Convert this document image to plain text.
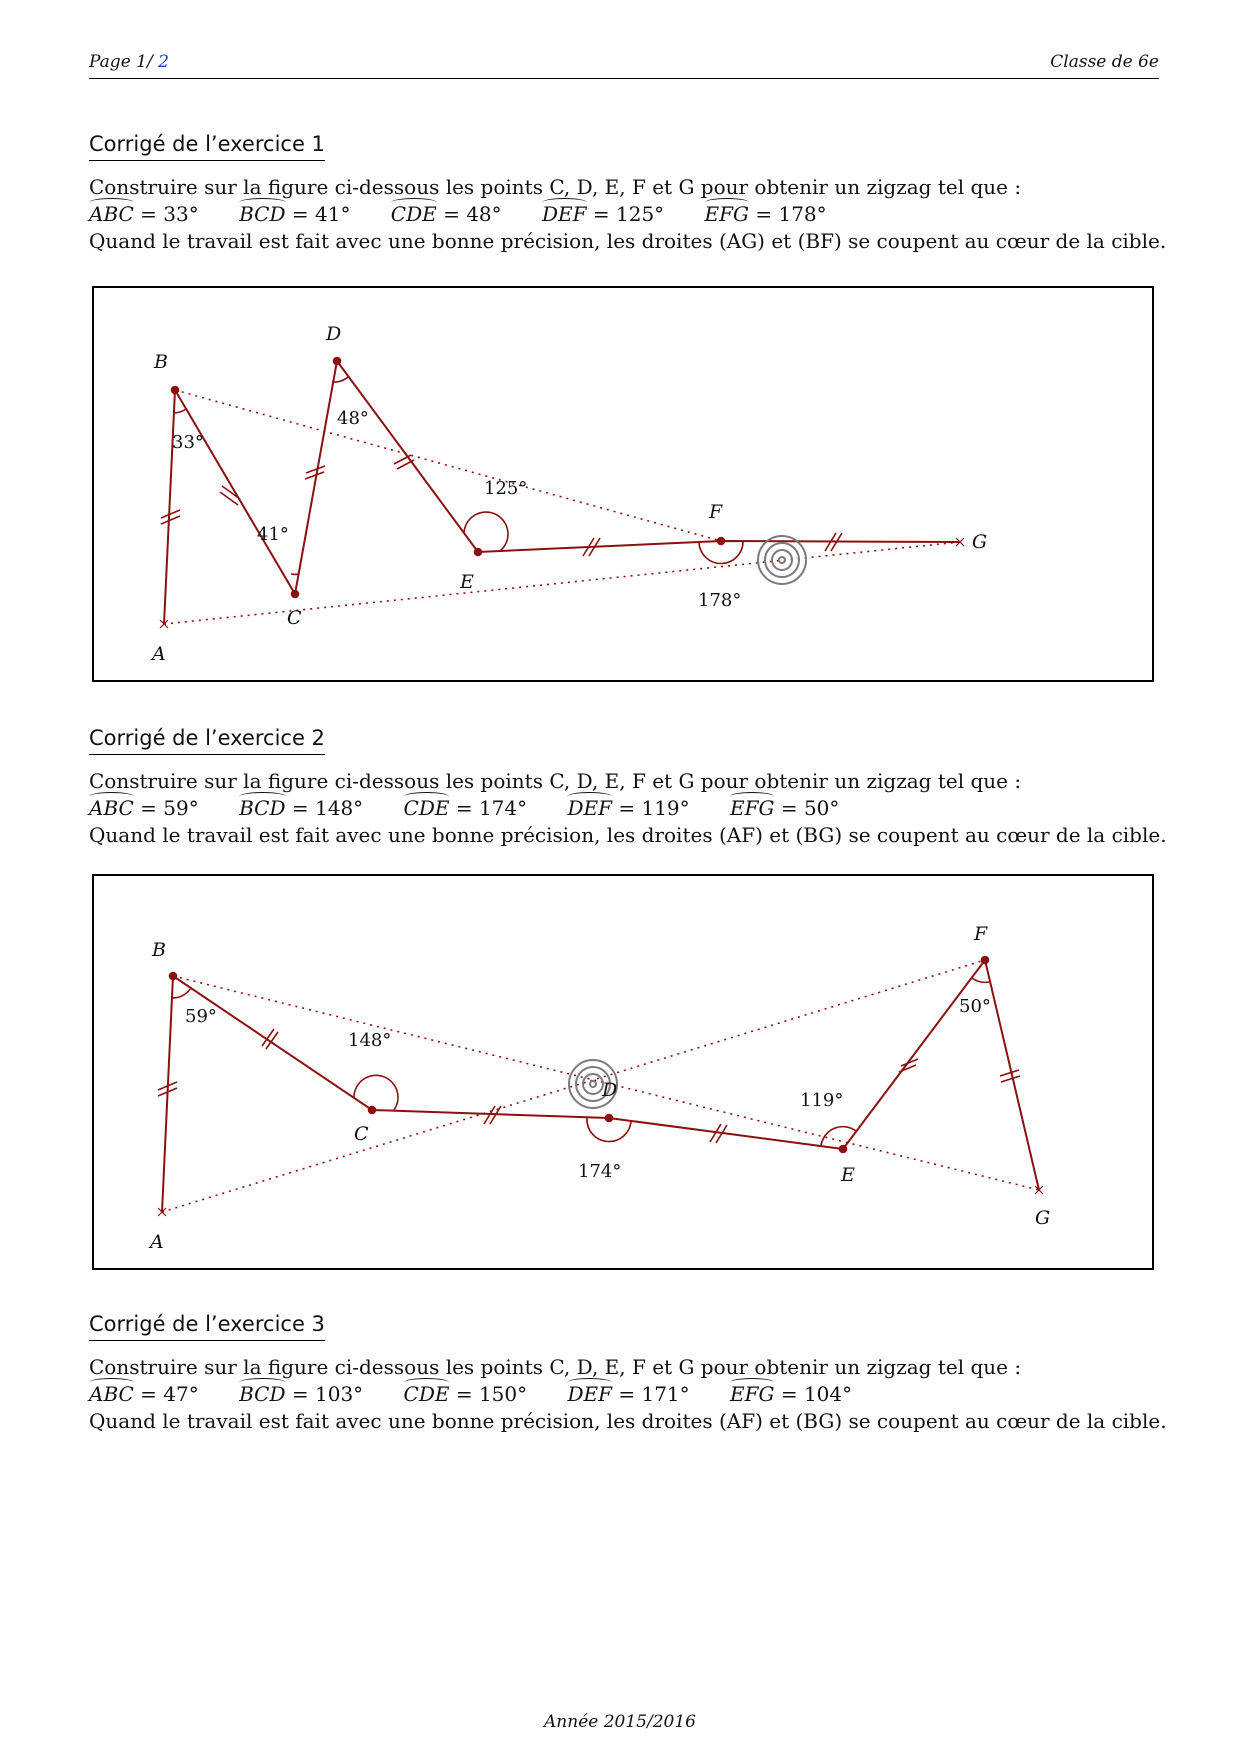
Page 1/ 2	Classe de 6e
Corrigé de l’exercice 1
Construire sur la figure ci-dessous les points C, D, E, F et G pour obtenir un zigzag tel que :
ABC = 33° BCD = 41° CDE = 48° DEF = 125° EFG = 178°
Quand le travail est fait avec une bonne précision, les droites (AG) et (BF) se coupent au cœur de la cible.
A
B
C
D
E
F
G
33°
41°
48°
125°
178°
Corrigé de l’exercice 2
Construire sur la figure ci-dessous les points C, D, E, F et G pour obtenir un zigzag tel que :
ABC = 59° BCD = 148° CDE = 174° DEF = 119° EFG = 50°
Quand le travail est fait avec une bonne précision, les droites (AF) et (BG) se coupent au cœur de la cible.
A
B
C
D
E
F
G
59°
148°
174°
119°
50°
Corrigé de l’exercice 3
Construire sur la figure ci-dessous les points C, D, E, F et G pour obtenir un zigzag tel que :
ABC = 47° BCD = 103° CDE = 150° DEF = 171° EFG = 104°
Quand le travail est fait avec une bonne précision, les droites (AF) et (BG) se coupent au cœur de la cible.
Année 2015/2016
